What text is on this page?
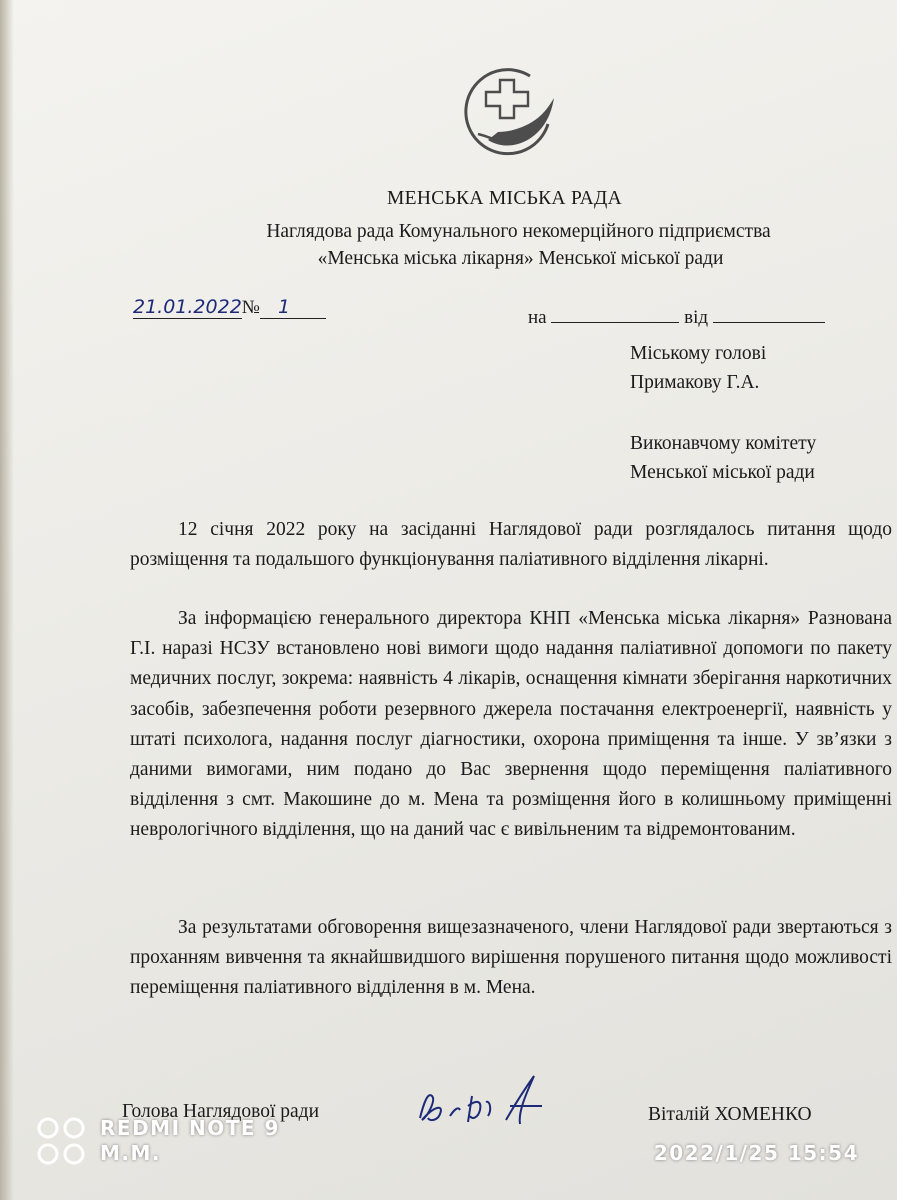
МЕНСЬКА МІСЬКА РАДА
Наглядова рада Комунального некомерційного підприємства
«Менська міська лікарня» Менської міської ради
21.01.2022№ 1	на	від
Міському голові
Примакову Г.А.
Виконавчому комітету
Менської міської ради

12 січня 2022 року на засіданні Наглядової ради розглядалось питання щодо розміщення та подальшого функціонування паліативного відділення лікарні.

За інформацією генерального директора КНП «Менська міська лікарня» Разнована Г.І. наразі НСЗУ встановлено нові вимоги щодо надання паліативної допомоги по пакету медичних послуг, зокрема: наявність 4 лікарів, оснащення кімнати зберігання наркотичних засобів, забезпечення роботи резервного джерела постачання електроенергії, наявність у штаті психолога, надання послуг діагностики, охорона приміщення та інше. У зв’язки з даними вимогами, ним подано до Вас звернення щодо переміщення паліативного відділення з смт. Макошине до м. Мена та розміщення його в колишньому приміщенні неврологічного відділення, що на даний час є вивільненим та відремонтованим.

За результатами обговорення вищезазначеного, члени Наглядової ради звертаються з проханням вивчення та якнайшвидшого вирішення порушеного питання щодо можливості переміщення паліативного відділення в м. Мена.

Голова Наглядової ради	Віталій ХОМЕНКО
REDMI NOTE 9
M.M.	2022/1/25 15:54
